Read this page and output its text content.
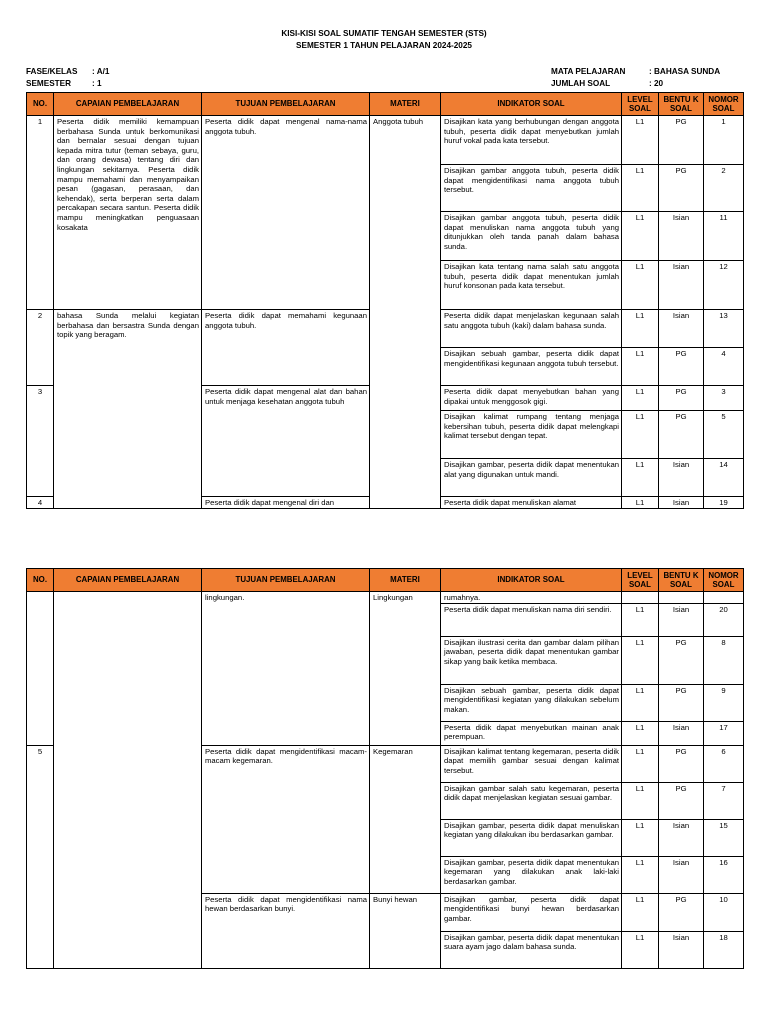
KISI-KISI SOAL SUMATIF TENGAH SEMESTER (STS)
SEMESTER 1 TAHUN PELAJARAN 2024-2025
FASE/KELAS	: A/1
SEMESTER	: 1
MATA PELAJARAN	: BAHASA SUNDA
JUMLAH SOAL	: 20
NO.	CAPAIAN PEMBELAJARAN	TUJUAN PEMBELAJARAN	MATERI	INDIKATOR SOAL	LEVEL SOAL	BENTU K SOAL	NOMOR SOAL
1	Peserta didik memiliki kemampuan berbahasa Sunda untuk berkomunikasi dan bernalar sesuai dengan tujuan kepada mitra tutur (teman sebaya, guru, dan orang dewasa) tentang diri dan lingkungan sekitarnya. Peserta didik mampu memahami dan menyampaikan pesan (gagasan, perasaan, dan kehendak), serta berperan serta dalam percakapan secara santun. Peserta didik mampu meningkatkan penguasaan kosakata	Peserta didik dapat mengenal nama-nama anggota tubuh.	Anggota tubuh	Disajikan kata yang berhubungan dengan anggota tubuh, peserta didik dapat menyebutkan jumlah huruf vokal pada kata tersebut.	L1	PG	1
				Disajikan gambar anggota tubuh, peserta didik dapat mengidentifikasi nama anggota tubuh tersebut.	L1	PG	2
				Disajikan gambar anggota tubuh, peserta didik dapat menuliskan nama anggota tubuh yang ditunjukkan oleh tanda panah dalam bahasa sunda.	L1	Isian	11
				Disajikan kata tentang nama salah satu anggota tubuh, peserta didik dapat menentukan jumlah huruf konsonan pada kata tersebut.	L1	Isian	12
2	bahasa Sunda melalui kegiatan berbahasa dan bersastra Sunda dengan topik yang beragam.	Peserta didik dapat memahami kegunaan anggota tubuh.		Peserta didik dapat menjelaskan kegunaan salah satu anggota tubuh (kaki) dalam bahasa sunda.	L1	Isian	13
				Disajikan sebuah gambar, peserta didik dapat mengidentifikasi kegunaan anggota tubuh tersebut.	L1	PG	4
3		Peserta didik dapat mengenal alat dan bahan untuk menjaga kesehatan anggota tubuh		Peserta didik dapat menyebutkan bahan yang dipakai untuk menggosok gigi.	L1	PG	3
				Disajikan kalimat rumpang tentang menjaga kebersihan tubuh, peserta didik dapat melengkapi kalimat tersebut dengan tepat.	L1	PG	5
				Disajikan gambar, peserta didik dapat menentukan alat yang digunakan untuk mandi.	L1	Isian	14
4		Peserta didik dapat mengenal diri dan		Peserta didik dapat menuliskan alamat	L1	Isian	19
NO.	CAPAIAN PEMBELAJARAN	TUJUAN PEMBELAJARAN	MATERI	INDIKATOR SOAL	LEVEL SOAL	BENTU K SOAL	NOMOR SOAL
		lingkungan.	Lingkungan	rumahnya.			
				Peserta didik dapat menuliskan nama diri sendiri.	L1	Isian	20
				Disajikan ilustrasi cerita dan gambar dalam pilihan jawaban, peserta didik dapat menentukan gambar sikap yang baik ketika membaca.	L1	PG	8
				Disajikan sebuah gambar, peserta didik dapat mengidentifikasi kegiatan yang dilakukan sebelum makan.	L1	PG	9
				Peserta didik dapat menyebutkan mainan anak perempuan.	L1	Isian	17
5		Peserta didik dapat mengidentifikasi macam-macam kegemaran.	Kegemaran	Disajikan kalimat tentang kegemaran, peserta didik dapat memilih gambar sesuai dengan kalimat tersebut.	L1	PG	6
				Disajikan gambar salah satu kegemaran, peserta didik dapat menjelaskan kegiatan sesuai gambar.	L1	PG	7
				Disajikan gambar, peserta didik dapat menuliskan kegiatan yang dilakukan ibu berdasarkan gambar.	L1	Isian	15
				Disajikan gambar, peserta didik dapat menentukan kegemaran yang dilakukan anak laki-laki berdasarkan gambar.	L1	Isian	16
		Peserta didik dapat mengidentifikasi nama hewan berdasarkan bunyi.	Bunyi hewan	Disajikan gambar, peserta didik dapat mengidentifikasi bunyi hewan berdasarkan gambar.	L1	PG	10
				Disajikan gambar, peserta didik dapat menentukan suara ayam jago dalam bahasa sunda.	L1	Isian	18
